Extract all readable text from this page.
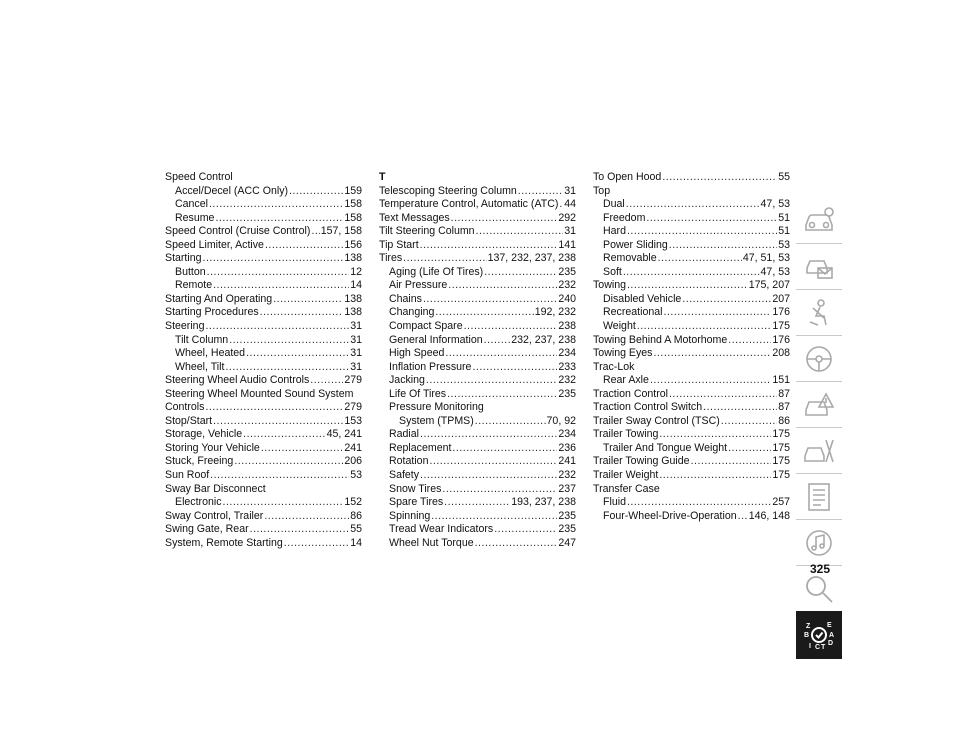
Speed Control
Accel/Decel (ACC Only) .....	159
Cancel .....	158
Resume .....	158
Speed Control (Cruise Control) ..... 157, 158
Speed Limiter, Active .....	156
Starting .....	138
Button .....	12
Remote .....	14
Starting And Operating .....	138
Starting Procedures .....	138
Steering .....	31
Tilt Column .....	31
Wheel, Heated .....	31
Wheel, Tilt .....	31
Steering Wheel Audio Controls .....	279
Steering Wheel Mounted Sound System
Controls .....	279
Stop/Start .....	153
Storage, Vehicle .....	45, 241
Storing Your Vehicle .....	241
Stuck, Freeing .....	206
Sun Roof .....	53
Sway Bar Disconnect
Electronic .....	152
Sway Control, Trailer .....	86
Swing Gate, Rear .....	55
System, Remote Starting .....	14
T
Telescoping Steering Column .....	31
Temperature Control, Automatic (ATC) ..... 44
Text Messages .....	292
Tilt Steering Column .....	31
Tip Start .....	141
Tires .....	137, 232, 237, 238
Aging (Life Of Tires) .....	235
Air Pressure .....	232
Chains .....	240
Changing .....	192, 232
Compact Spare .....	238
General Information .....	232, 237, 238
High Speed .....	234
Inflation Pressure .....	233
Jacking .....	232
Life Of Tires .....	235
Pressure Monitoring
System (TPMS) .....	70, 92
Radial .....	234
Replacement .....	236
Rotation .....	241
Safety .....	232
Snow Tires .....	237
Spare Tires .....	193, 237, 238
Spinning .....	235
Tread Wear Indicators .....	235
Wheel Nut Torque .....	247
To Open Hood .....	55
Top
Dual .....	47, 53
Freedom .....	51
Hard .....	51
Power Sliding .....	53
Removable .....	47, 51, 53
Soft .....	47, 53
Towing .....	175, 207
Disabled Vehicle .....	207
Recreational .....	176
Weight .....	175
Towing Behind A Motorhome .....	176
Towing Eyes .....	208
Trac-Lok
Rear Axle .....	151
Traction Control .....	87
Traction Control Switch .....	87
Trailer Sway Control (TSC) .....	86
Trailer Towing .....	175
Trailer And Tongue Weight .....	175
Trailer Towing Guide .....	175
Trailer Weight .....	175
Transfer Case
Fluid .....	257
Four-Wheel-Drive-Operation ..... 146, 148
Z E
B	A
I C T
D
325
